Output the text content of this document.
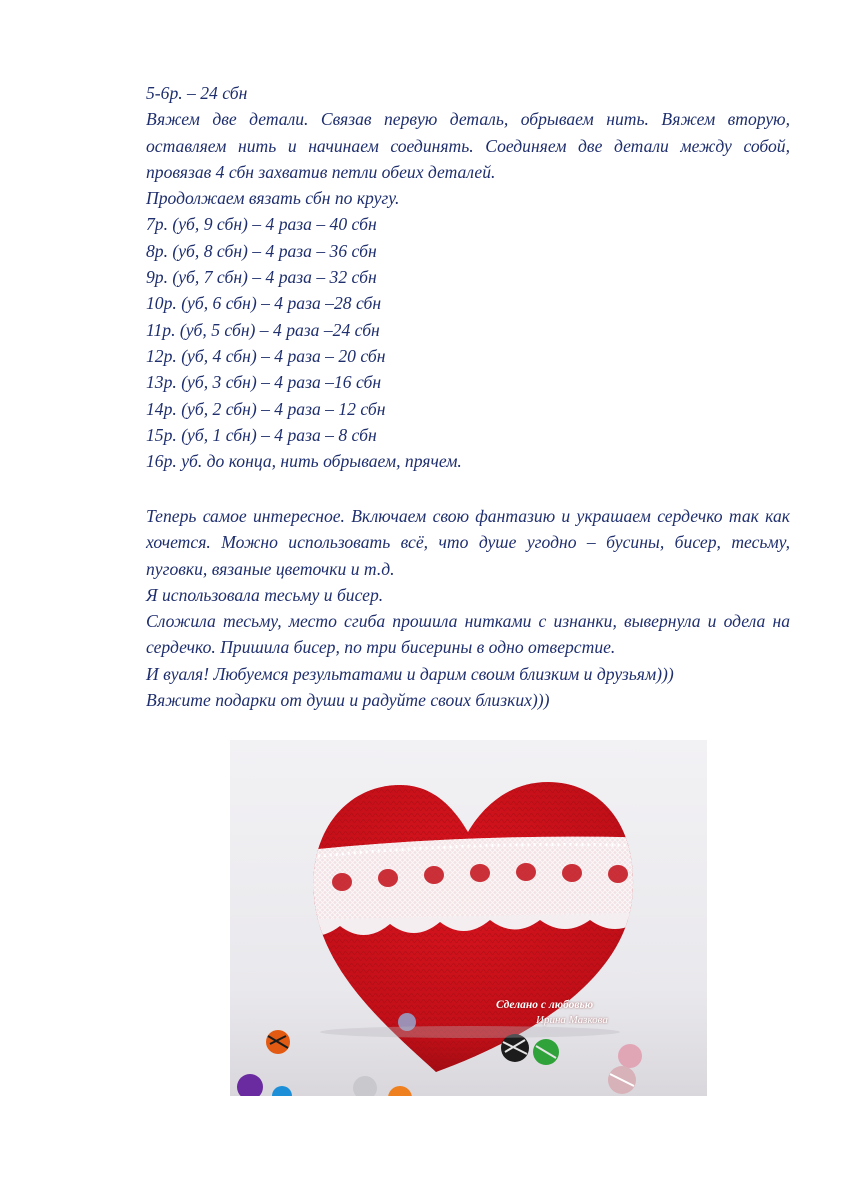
5-6р. – 24 сбн

Вяжем две детали. Связав первую деталь, обрываем нить. Вяжем вторую, оставляем нить и начинаем соединять. Соединяем две детали между собой, провязав 4 сбн захватив петли обеих деталей.

Продолжаем вязать сбн по кругу.

7р. (уб, 9 сбн) – 4 раза – 40 сбн

8р. (уб, 8 сбн) – 4 раза – 36 сбн

9р. (уб, 7 сбн) – 4 раза – 32 сбн

10р. (уб, 6 сбн) – 4 раза –28 сбн

11р. (уб, 5 сбн) – 4 раза –24 сбн

12р. (уб, 4 сбн) – 4 раза – 20 сбн

13р. (уб, 3 сбн) – 4 раза –16 сбн

14р. (уб, 2 сбн) – 4 раза – 12 сбн

15р. (уб, 1 сбн) – 4 раза – 8 сбн

16р. уб. до конца, нить обрываем, прячем.

Теперь самое интересное. Включаем свою фантазию и украшаем сердечко так как хочется. Можно использовать всё, что душе угодно – бусины, бисер, тесьму, пуговки, вязаные цветочки и т.д.

Я использовала тесьму и бисер.

Сложила тесьму, место сгиба прошила нитками с изнанки, вывернула и одела на сердечко. Пришила бисер, по три бисерины в одно отверстие.

И вуаля! Любуемся результатами и дарим своим близким и друзьям)))

Вяжите подарки от души и радуйте своих близких)))

Сделано с любовью
Ирина Мазкова
